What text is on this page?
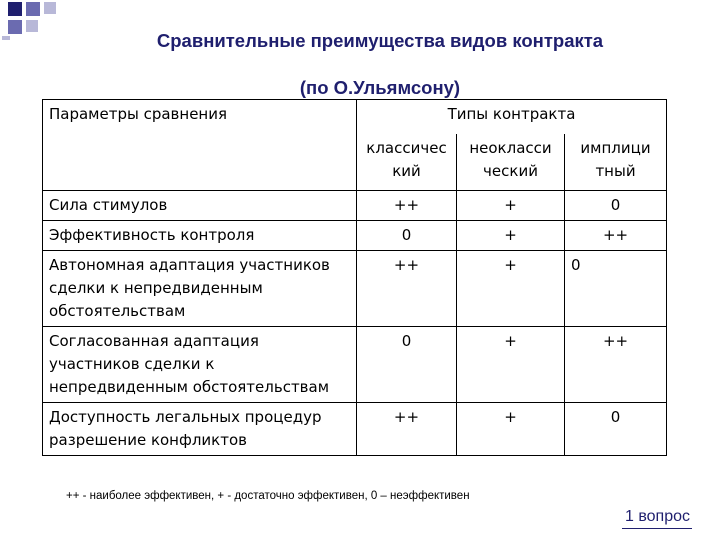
Сравнительные преимущества видов контракта
(по О.Ульямсону)
Параметры сравнения	Типы контракта		
	классичес кий	неокласси ческий	имплици тный
Сила стимулов	++	+	0
Эффективность контроля	0	+	++
Автономная адаптация участников сделки к непредвиденным обстоятельствам	++	+	0
Согласованная адаптация участников сделки к непредвиденным обстоятельствам	0	+	++
Доступность легальных процедур разрешение конфликтов	++	+	0
++ - наиболее эффективен, + - достаточно эффективен, 0 – неэффективен
1 вопрос
